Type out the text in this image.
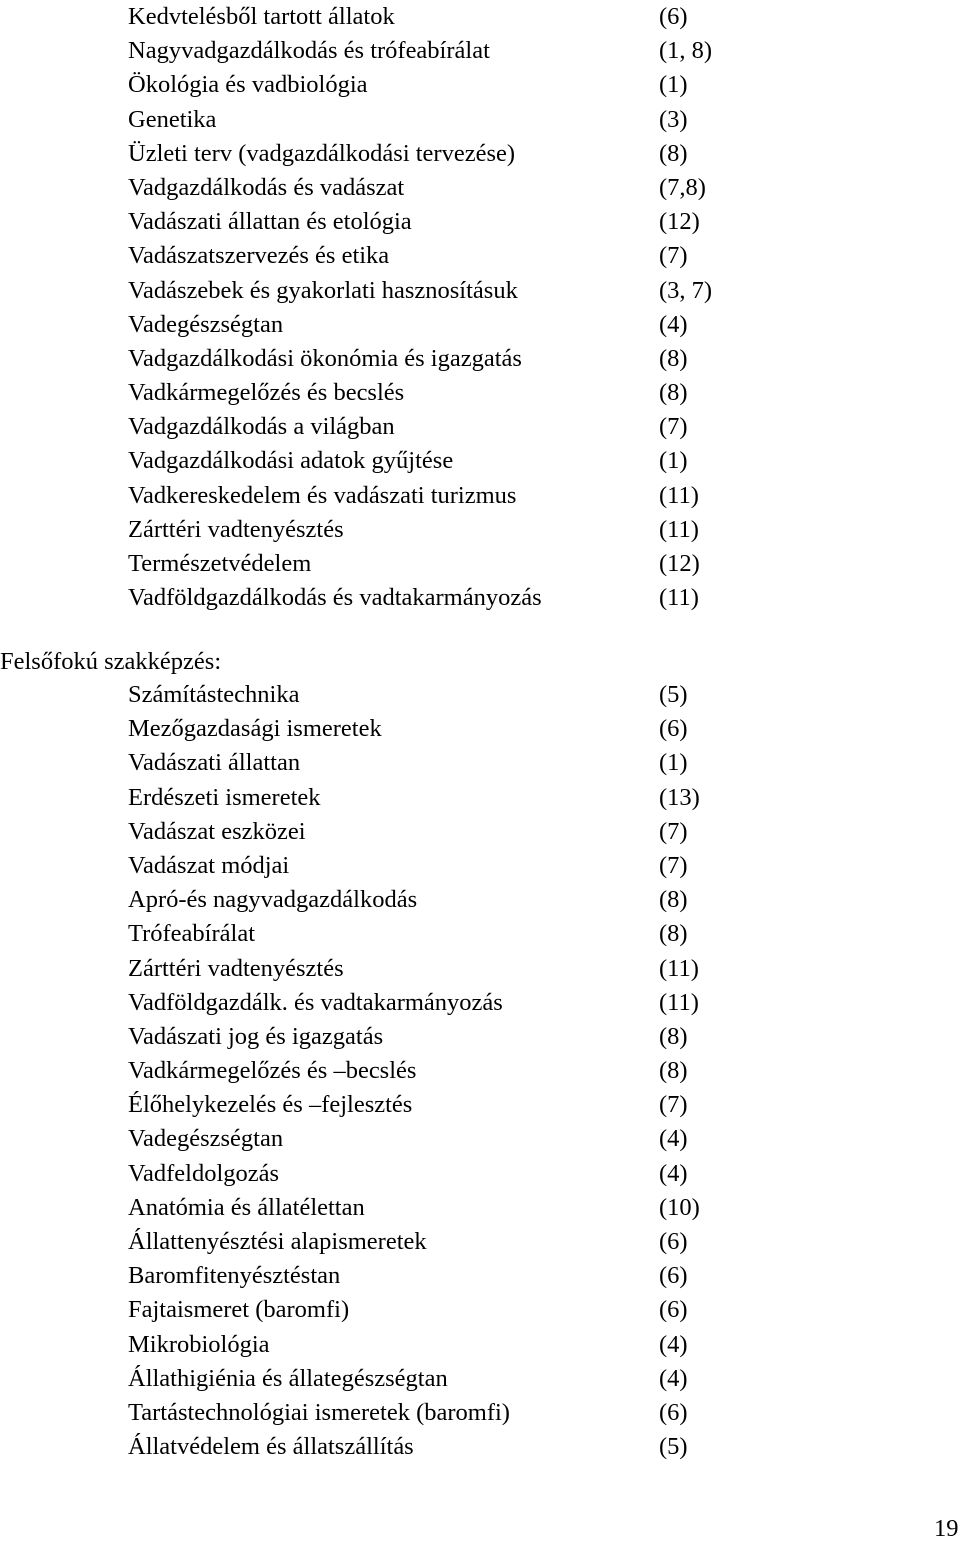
Kedvtelésből tartott állatok	(6)
Nagyvadgazdálkodás és trófeabírálat	(1, 8)
Ökológia és vadbiológia	(1)
Genetika	(3)
Üzleti terv (vadgazdálkodási tervezése)	(8)
Vadgazdálkodás és vadászat	(7,8)
Vadászati állattan és etológia	(12)
Vadászatszervezés és etika	(7)
Vadászebek és gyakorlati hasznosításuk	(3, 7)
Vadegészségtan	(4)
Vadgazdálkodási ökonómia és igazgatás	(8)
Vadkármegelőzés és becslés	(8)
Vadgazdálkodás a világban	(7)
Vadgazdálkodási adatok gyűjtése	(1)
Vadkereskedelem és vadászati turizmus	(11)
Zárttéri vadtenyésztés	(11)
Természetvédelem	(12)
Vadföldgazdálkodás és vadtakarmányozás	(11)
Felsőfokú szakképzés:
Számítástechnika	(5)
Mezőgazdasági ismeretek	(6)
Vadászati állattan	(1)
Erdészeti ismeretek	(13)
Vadászat eszközei	(7)
Vadászat módjai	(7)
Apró-és nagyvadgazdálkodás	(8)
Trófeabírálat	(8)
Zárttéri vadtenyésztés	(11)
Vadföldgazdálk. és vadtakarmányozás	(11)
Vadászati jog és igazgatás	(8)
Vadkármegelőzés és –becslés	(8)
Élőhelykezelés és –fejlesztés	(7)
Vadegészségtan	(4)
Vadfeldolgozás	(4)
Anatómia és állatélettan	(10)
Állattenyésztési alapismeretek	(6)
Baromfitenyésztéstan	(6)
Fajtaismeret (baromfi)	(6)
Mikrobiológia	(4)
Állathigiénia és állategészségtan	(4)
Tartástechnológiai ismeretek (baromfi)	(6)
Állatvédelem és állatszállítás	(5)
19
